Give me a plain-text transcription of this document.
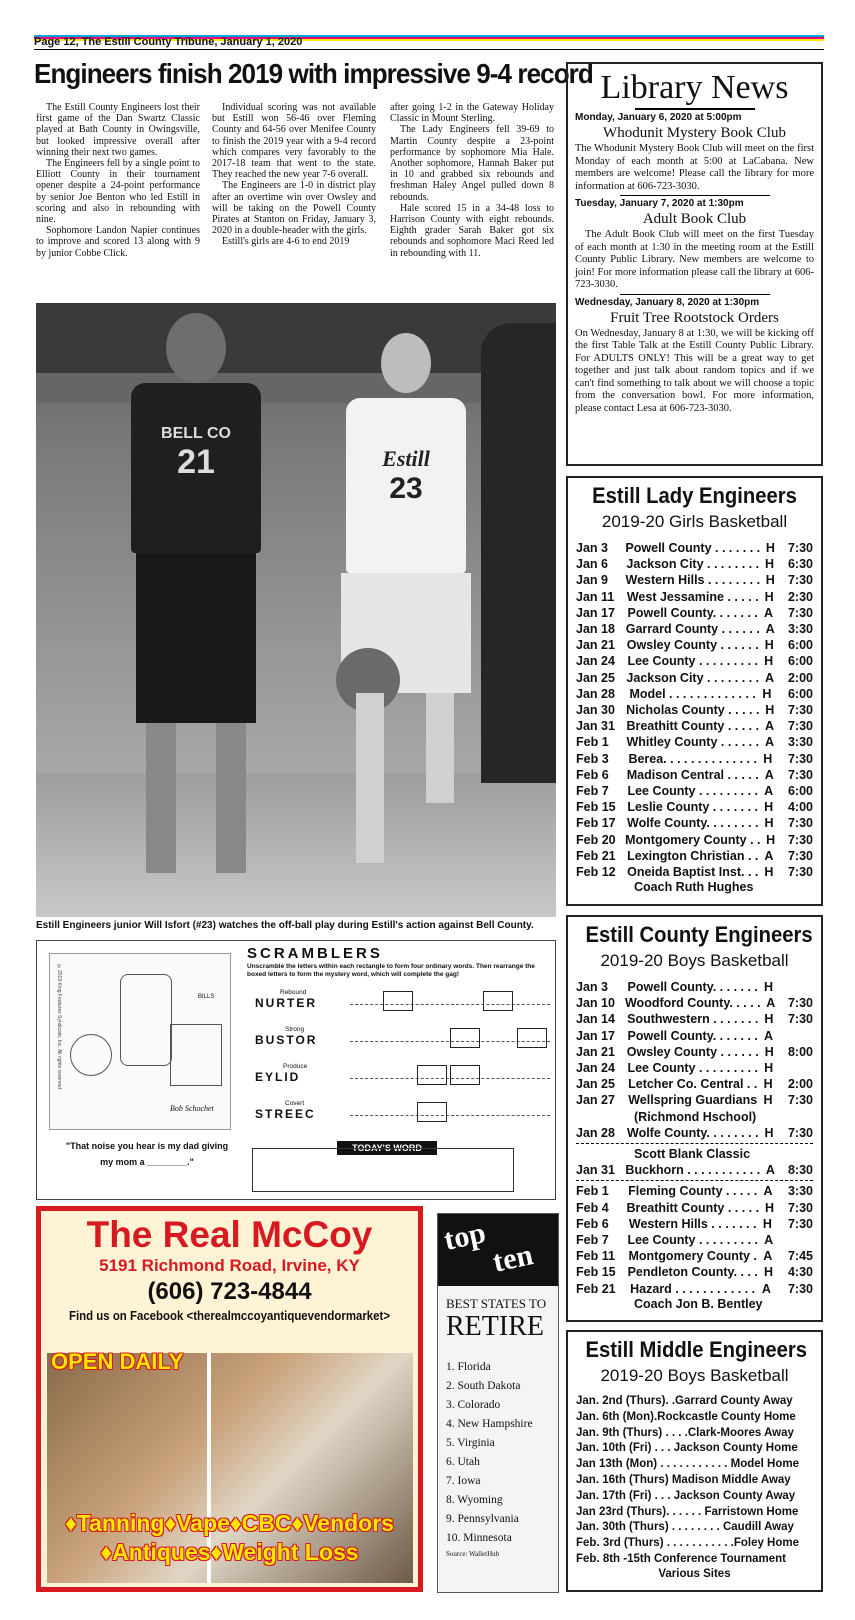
Page 12, The Estill County Tribune, January 1, 2020
Engineers finish 2019 with impressive 9-4 record

The Estill County Engineers lost their first game of the Dan Swartz Classic played at Bath County in Owingsville, but looked impressive overall after winning their next two games.

The Engineers fell by a single point to Elliott County in their tournament opener despite a 24-point performance by senior Joe Benton who led Estill in scoring and also in rebounding with nine.

Sophomore Landon Napier continues to improve and scored 13 along with 9 by junior Cobbe Click.

Individual scoring was not available but Estill won 56-46 over Fleming County and 64-56 over Menifee County to finish the 2019 year with a 9-4 record which compares very favorably to the 2017-18 team that went to the state. They reached the new year 7-6 overall.

The Engineers are 1-0 in district play after an overtime win over Owsley and will be taking on the Powell County Pirates at Stanton on Friday, January 3, 2020 in a double-header with the girls.

Estill's girls are 4-6 to end 2019

after going 1-2 in the Gateway Holiday Classic in Mount Sterling.

The Lady Engineers fell 39-69 to Martin County despite a 23-point performance by sophomore Mia Hale. Another sophomore, Hannah Baker put in 10 and grabbed six rebounds and freshman Haley Angel pulled down 8 rebounds.

Hale scored 15 in a 34-48 loss to Harrison County with eight rebounds. Eighth grader Sarah Baker got six rebounds and sophomore Maci Reed led in rebounding with 11.

BELL CO
21	Estill
23
Estill Engineers junior Will Isfort (#23) watches the off-ball play during Estill's action against Bell County.
©2019 King Features Syndicate, Inc. All rights reserved.
Bob Schochet
BILLS
"That noise you hear is my dad giving
my mom a ________."
SCRAMBLERS
Unscramble the letters within each rectangle to form four ordinary words. Then rearrange the boxed letters to form the mystery word, which will complete the gag!
Rebound
NURTER
Strong
BUSTOR
Produce
EYLID
Covert
STREEC
TODAY'S WORD
The Real McCoy
5191 Richmond Road, Irvine, KY
(606) 723-4844
Find us on Facebook <therealmccoyantiquevendormarket>
OPEN DAILY
♦Tanning♦Vape♦CBC♦Vendors
♦Antiques♦Weight Loss
top
ten
BEST STATES TO
RETIRE
1. Florida
2. South Dakota
3. Colorado
4. New Hampshire
5. Virginia
6. Utah
7. Iowa
8. Wyoming
9. Pennsylvania
10. Minnesota
Source: WalletHub
Library News
Monday, January 6, 2020 at 5:00pm
Whodunit Mystery Book Club

The Whodunit Mystery Book Club will meet on the first Monday of each month at 5:00 at LaCabana. New members are welcome! Please call the library for more information at 606-723-3030.

Tuesday, January 7, 2020 at 1:30pm
Adult Book Club

The Adult Book Club will meet on the first Tuesday of each month at 1:30 in the meeting room at the Estill County Public Library. New members are welcome to join! For more information please call the library at 606-723-3030.

Wednesday, January 8, 2020 at 1:30pm
Fruit Tree Rootstock Orders

On Wednesday, January 8 at 1:30, we will be kicking off the first Table Talk at the Estill County Public Library. For ADULTS ONLY! This will be a great way to get together and just talk about random topics and if we can't find something to talk about we will choose a topic from the conversation bowl. For more information, please contact Lesa at 606-723-3030.

Estill Lady Engineers
2019-20 Girls Basketball
Jan 3	Powell County . . . . . . . H	7:30
Jan 6	Jackson City . . . . . . . . H	6:30
Jan 9	Western Hills . . . . . . . . H	7:30
Jan 11	West Jessamine . . . . . H	2:30
Jan 17	Powell County. . . . . . . A	7:30
Jan 18 Garrard County . . . . . . A	3:30
Jan 21 Owsley County . . . . . . H	6:00
Jan 24	Lee County . . . . . . . . . H	6:00
Jan 25 Jackson City . . . . . . . . A	2:00
Jan 28	Model . . . . . . . . . . . . . H	6:00
Jan 30 Nicholas County . . . . . H	7:30
Jan 31 Breathitt County . . . . . A	7:30
Feb 1	Whitley County . . . . . . A	3:30
Feb 3	Berea. . . . . . . . . . . . . . H	7:30
Feb 6	Madison Central . . . . . A	7:30
Feb 7	Lee County . . . . . . . . . A	6:00
Feb 15 Leslie County . . . . . . . H	4:00
Feb 17 Wolfe County. . . . . . . . H	7:30
Feb 20 Montgomery County . . H	7:30
Feb 21 Lexington Christian . . A	7:30
Feb 12 Oneida Baptist Inst. . . H	7:30
Coach Ruth Hughes
Estill County Engineers
2019-20 Boys Basketball
Jan 3	Powell County. . . . . . . H
Jan 10 Woodford County. . . . . A	7:30
Jan 14 Southwestern . . . . . . . H	7:30
Jan 17	Powell County. . . . . . . A
Jan 21 Owsley County . . . . . . H	8:00
Jan 24	Lee County . . . . . . . . . H
Jan 25	Letcher Co. Central . . H	2:00
Jan 27	Wellspring Guardians H	7:30
(Richmond Hschool)
Jan 28 Wolfe County. . . . . . . . H	7:30
Scott Blank Classic
Jan 31 Buckhorn . . . . . . . . . . . A	8:30
Feb 1	Fleming County . . . . . A	3:30
Feb 4	Breathitt County . . . . . H	7:30
Feb 6	Western Hills . . . . . . . H	7:30
Feb 7	Lee County . . . . . . . . . A
Feb 11	Montgomery County . A	7:45
Feb 15 Pendleton County. . . . H	4:30
Feb 21	Hazard . . . . . . . . . . . . A	7:30
Coach Jon B. Bentley
Estill Middle Engineers
2019-20 Boys Basketball
Jan. 2nd (Thurs). .Garrard County Away
Jan. 6th (Mon).Rockcastle County Home
Jan. 9th (Thurs) . . . .Clark-Moores Away
Jan. 10th (Fri) . . . Jackson County Home
Jan 13th (Mon) . . . . . . . . . . . Model Home
Jan. 16th (Thurs) Madison Middle Away
Jan. 17th (Fri) . . . Jackson County Away
Jan 23rd (Thurs). . . . . . Farristown Home
Jan. 30th (Thurs) . . . . . . . . Caudill Away
Feb. 3rd (Thurs) . . . . . . . . . . .Foley Home
Feb. 8th -15th Conference Tournament
Various Sites
